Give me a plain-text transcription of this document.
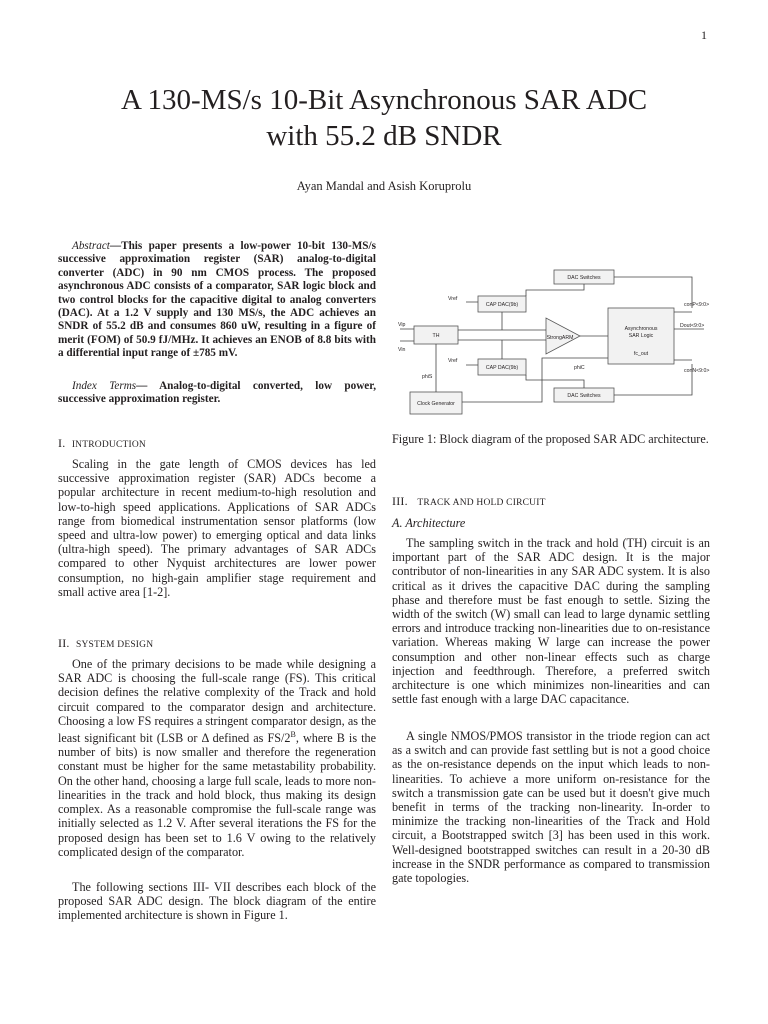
1
A 130-MS/s 10-Bit Asynchronous SAR ADC
with 55.2 dB SNDR
Ayan Mandal and Asish Koruprolu

Abstract—This paper presents a low-power 10-bit 130-MS/s successive approximation register (SAR) analog-to-digital converter (ADC) in 90 nm CMOS process. The proposed asynchronous ADC consists of a comparator, SAR logic block and two control blocks for the capacitive digital to analog converters (DAC). At a 1.2 V supply and 130 MS/s, the ADC achieves an SNDR of 55.2 dB and consumes 860 uW, resulting in a figure of merit (FOM) of 50.9 fJ/MHz. It achieves an ENOB of 8.8 bits with a differential input range of ±785 mV.

Index Terms— Analog-to-digital converted, low power, successive approximation register.

I. INTRODUCTION

Scaling in the gate length of CMOS devices has led successive approximation register (SAR) ADCs become a popular architecture in recent medium-to-high resolution and low-to-high speed applications. Applications of SAR ADCs range from biomedical instrumentation sensor platforms (low speed and ultra-low power) to emerging optical and data links (ultra-high speed). The primary advantages of SAR ADCs compared to other Nyquist architectures are lower power consumption, no high-gain amplifier stage requirement and small active area [1-2].

II. SYSTEM DESIGN

One of the primary decisions to be made while designing a SAR ADC is choosing the full-scale range (FS). This critical decision defines the relative complexity of the Track and hold circuit compared to the comparator design and architecture. Choosing a low FS requires a stringent comparator design, as the least significant bit (LSB or Δ defined as $FS/2^B$, where B is the number of bits) is now smaller and therefore the regeneration constant must be higher for the same metastability probability. On the other hand, choosing a large full scale, leads to more non-linearities in the track and hold block, thus making its design complex. As a reasonable compromise the full-scale range was initially selected as 1.2 V. After several iterations the FS for the proposed design has been set to 1.6 V owing to the relatively complicated design of the comparator.

The following sections III- VII describes each block of the proposed SAR ADC design. The block diagram of the entire implemented architecture is shown in Figure 1.

DAC Switches
CAP DAC(9b)
CAP DAC(9b)
TH	StrongARM
Asynchronous
SAR Logic
fc_out
DAC Switches
Clock Generator
Vref
Vref
Vip
Vin
phiS
phiC
conP<9:0>
conN<9:0>
Dout<9:0>
Figure 1: Block diagram of the proposed SAR ADC architecture.
III. TRACK AND HOLD CIRCUIT
A. Architecture

The sampling switch in the track and hold (TH) circuit is an important part of the SAR ADC design. It is the major contributor of non-linearities in any SAR ADC system. It is also critical as it drives the capacitive DAC during the sampling phase and therefore must be fast enough to settle. Sizing the width of the switch (W) small can lead to large dynamic settling errors and introduce tracking non-linearities due to on-resistance variation. Whereas making W large can increase the power consumption and other non-linear effects such as charge injection and feedthrough. Therefore, a preferred switch architecture is one which minimizes non-linearities and can settle fast enough with a large DAC capacitance.

A single NMOS/PMOS transistor in the triode region can act as a switch and can provide fast settling but is not a good choice as the on-resistance depends on the input which leads to non-linearities. To achieve a more uniform on-resistance for the switch a transmission gate can be used but it doesn't give much benefit in terms of the tracking non-linearity. In-order to minimize the tracking non-linearities of the Track and Hold circuit, a Bootstrapped switch [3] has been used in this work. Well-designed bootstrapped switches can result in a 20-30 dB increase in the SNDR performance as compared to transmission gate topologies.
